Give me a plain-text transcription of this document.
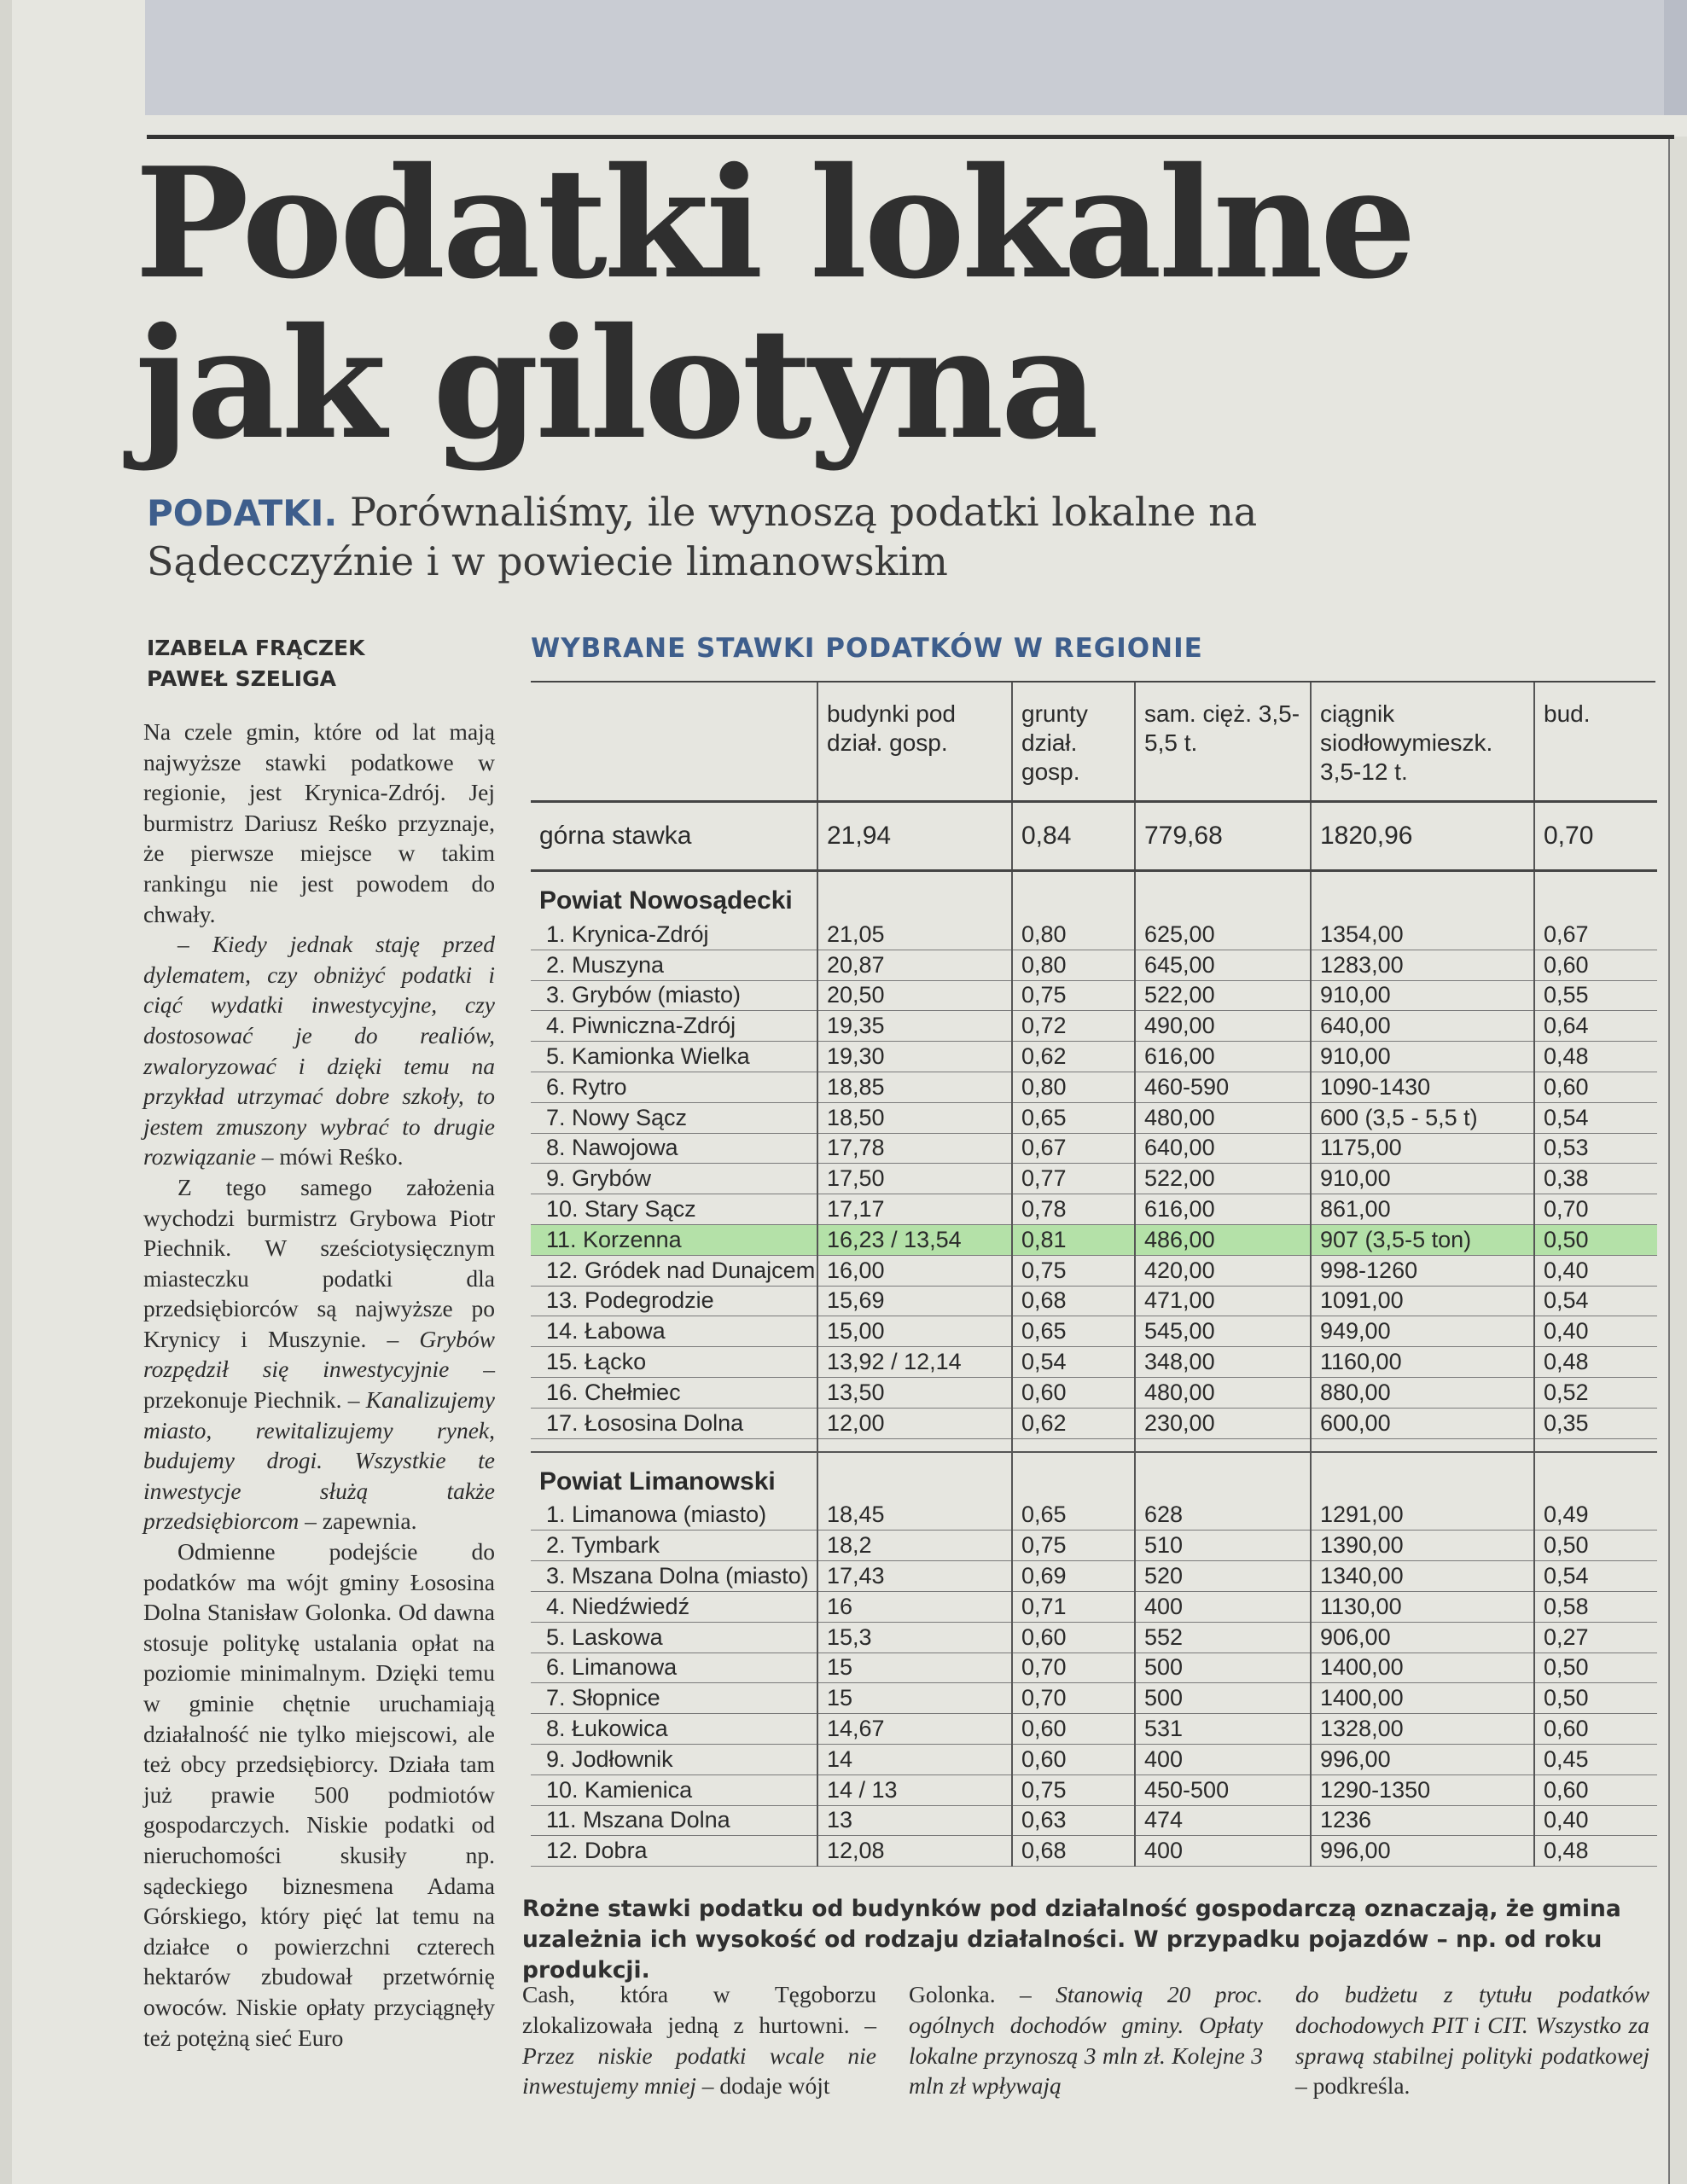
Podatki lokalne
jak gilotyna

PODATKI. Porównaliśmy, ile wynoszą podatki lokalne na Sądecczyźnie i w powiecie limanowskim

IZABELA FRĄCZEK
PAWEŁ SZELIGA

Na czele gmin, które od lat mają najwyższe stawki podatkowe w regionie, jest Krynica-Zdrój. Jej burmistrz Dariusz Reśko przyznaje, że pierwsze miejsce w takim rankingu nie jest powodem do chwały.

– Kiedy jednak staję przed dylematem, czy obniżyć podatki i ciąć wydatki inwestycyjne, czy dostosować je do realiów, zwaloryzować i dzięki temu na przykład utrzymać dobre szkoły, to jestem zmuszony wybrać to drugie rozwiązanie – mówi Reśko.

Z tego samego założenia wychodzi burmistrz Grybowa Piotr Piechnik. W sześciotysięcznym miasteczku podatki dla przedsiębiorców są najwyższe po Krynicy i Muszynie. – Grybów rozpędził się inwestycyjnie – przekonuje Piechnik. – Kanalizujemy miasto, rewitalizujemy rynek, budujemy drogi. Wszystkie te inwestycje służą także przedsiębiorcom – zapewnia.

Odmienne podejście do podatków ma wójt gminy Łososina Dolna Stanisław Golonka. Od dawna stosuje politykę ustalania opłat na poziomie minimalnym. Dzięki temu w gminie chętnie uruchamiają działalność nie tylko miejscowi, ale też obcy przedsiębiorcy. Działa tam już prawie 500 podmiotów gospodarczych. Niskie podatki od nieruchomości skusiły np. sądeckiego biznesmena Adama Górskiego, który pięć lat temu na działce o powierzchni czterech hektarów zbudował przetwórnię owoców. Niskie opłaty przyciągnęły też potężną sieć Euro

WYBRANE STAWKI PODATKÓW W REGIONIE
	budynki pod dział. gosp.	grunty dział. gosp.	sam. cięż. 3,5-5,5 t.	ciągnik siodłowymieszk. 3,5-12 t.	bud.
górna stawka	21,94	0,84	779,68	1820,96	0,70
Powiat Nowosądecki					
1. Krynica-Zdrój	21,05	0,80	625,00	1354,00	0,67
2. Muszyna	20,87	0,80	645,00	1283,00	0,60
3. Grybów (miasto)	20,50	0,75	522,00	910,00	0,55
4. Piwniczna-Zdrój	19,35	0,72	490,00	640,00	0,64
5. Kamionka Wielka	19,30	0,62	616,00	910,00	0,48
6. Rytro	18,85	0,80	460-590	1090-1430	0,60
7. Nowy Sącz	18,50	0,65	480,00	600 (3,5 - 5,5 t)	0,54
8. Nawojowa	17,78	0,67	640,00	1175,00	0,53
9. Grybów	17,50	0,77	522,00	910,00	0,38
10. Stary Sącz	17,17	0,78	616,00	861,00	0,70
11. Korzenna	16,23 / 13,54	0,81	486,00	907 (3,5-5 ton)	0,50
12. Gródek nad Dunajcem	16,00	0,75	420,00	998-1260	0,40
13. Podegrodzie	15,69	0,68	471,00	1091,00	0,54
14. Łabowa	15,00	0,65	545,00	949,00	0,40
15. Łącko	13,92 / 12,14	0,54	348,00	1160,00	0,48
16. Chełmiec	13,50	0,60	480,00	880,00	0,52
17. Łososina Dolna	12,00	0,62	230,00	600,00	0,35

Powiat Limanowski					
1. Limanowa (miasto)	18,45	0,65	628	1291,00	0,49
2. Tymbark	18,2	0,75	510	1390,00	0,50
3. Mszana Dolna (miasto)	17,43	0,69	520	1340,00	0,54
4. Niedźwiedź	16	0,71	400	1130,00	0,58
5. Laskowa	15,3	0,60	552	906,00	0,27
6. Limanowa	15	0,70	500	1400,00	0,50
7. Słopnice	15	0,70	500	1400,00	0,50
8. Łukowica	14,67	0,60	531	1328,00	0,60
9. Jodłownik	14	0,60	400	996,00	0,45
10. Kamienica	14 / 13	0,75	450-500	1290-1350	0,60
11. Mszana Dolna	13	0,63	474	1236	0,40
12. Dobra	12,08	0,68	400	996,00	0,48
Rożne stawki podatku od budynków pod działalność gospodarczą oznaczają, że gmina uzależnia ich wysokość od rodzaju działalności. W przypadku pojazdów – np. od roku produkcji.
Cash, która w Tęgoborzu zlokalizowała jedną z hurtowni. – Przez niskie podatki wcale nie inwestujemy mniej – dodaje wójt
Golonka. – Stanowią 20 proc. ogólnych dochodów gminy. Opłaty lokalne przynoszą 3 mln zł. Kolejne 3 mln zł wpływają
do budżetu z tytułu podatków dochodowych PIT i CIT. Wszystko za sprawą stabilnej polityki podatkowej – podkreśla.
